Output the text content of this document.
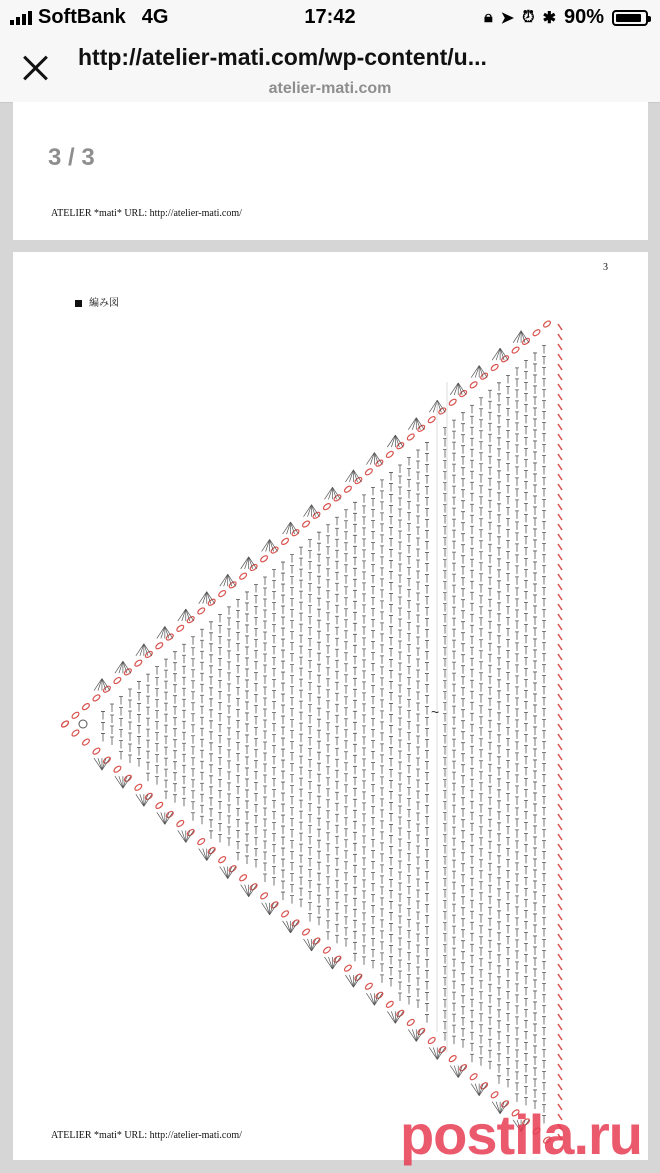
SoftBank 4G	17:42	🔒︎ ➤ ⏰︎ ✱ 90%
http://atelier-mati.com/wp-content/u...
atelier-mati.com
3 / 3
ATELIER *mati* URL: http://atelier-mati.com/
3
編み図
~
ATELIER *mati* URL: http://atelier-mati.com/	postila.ru
